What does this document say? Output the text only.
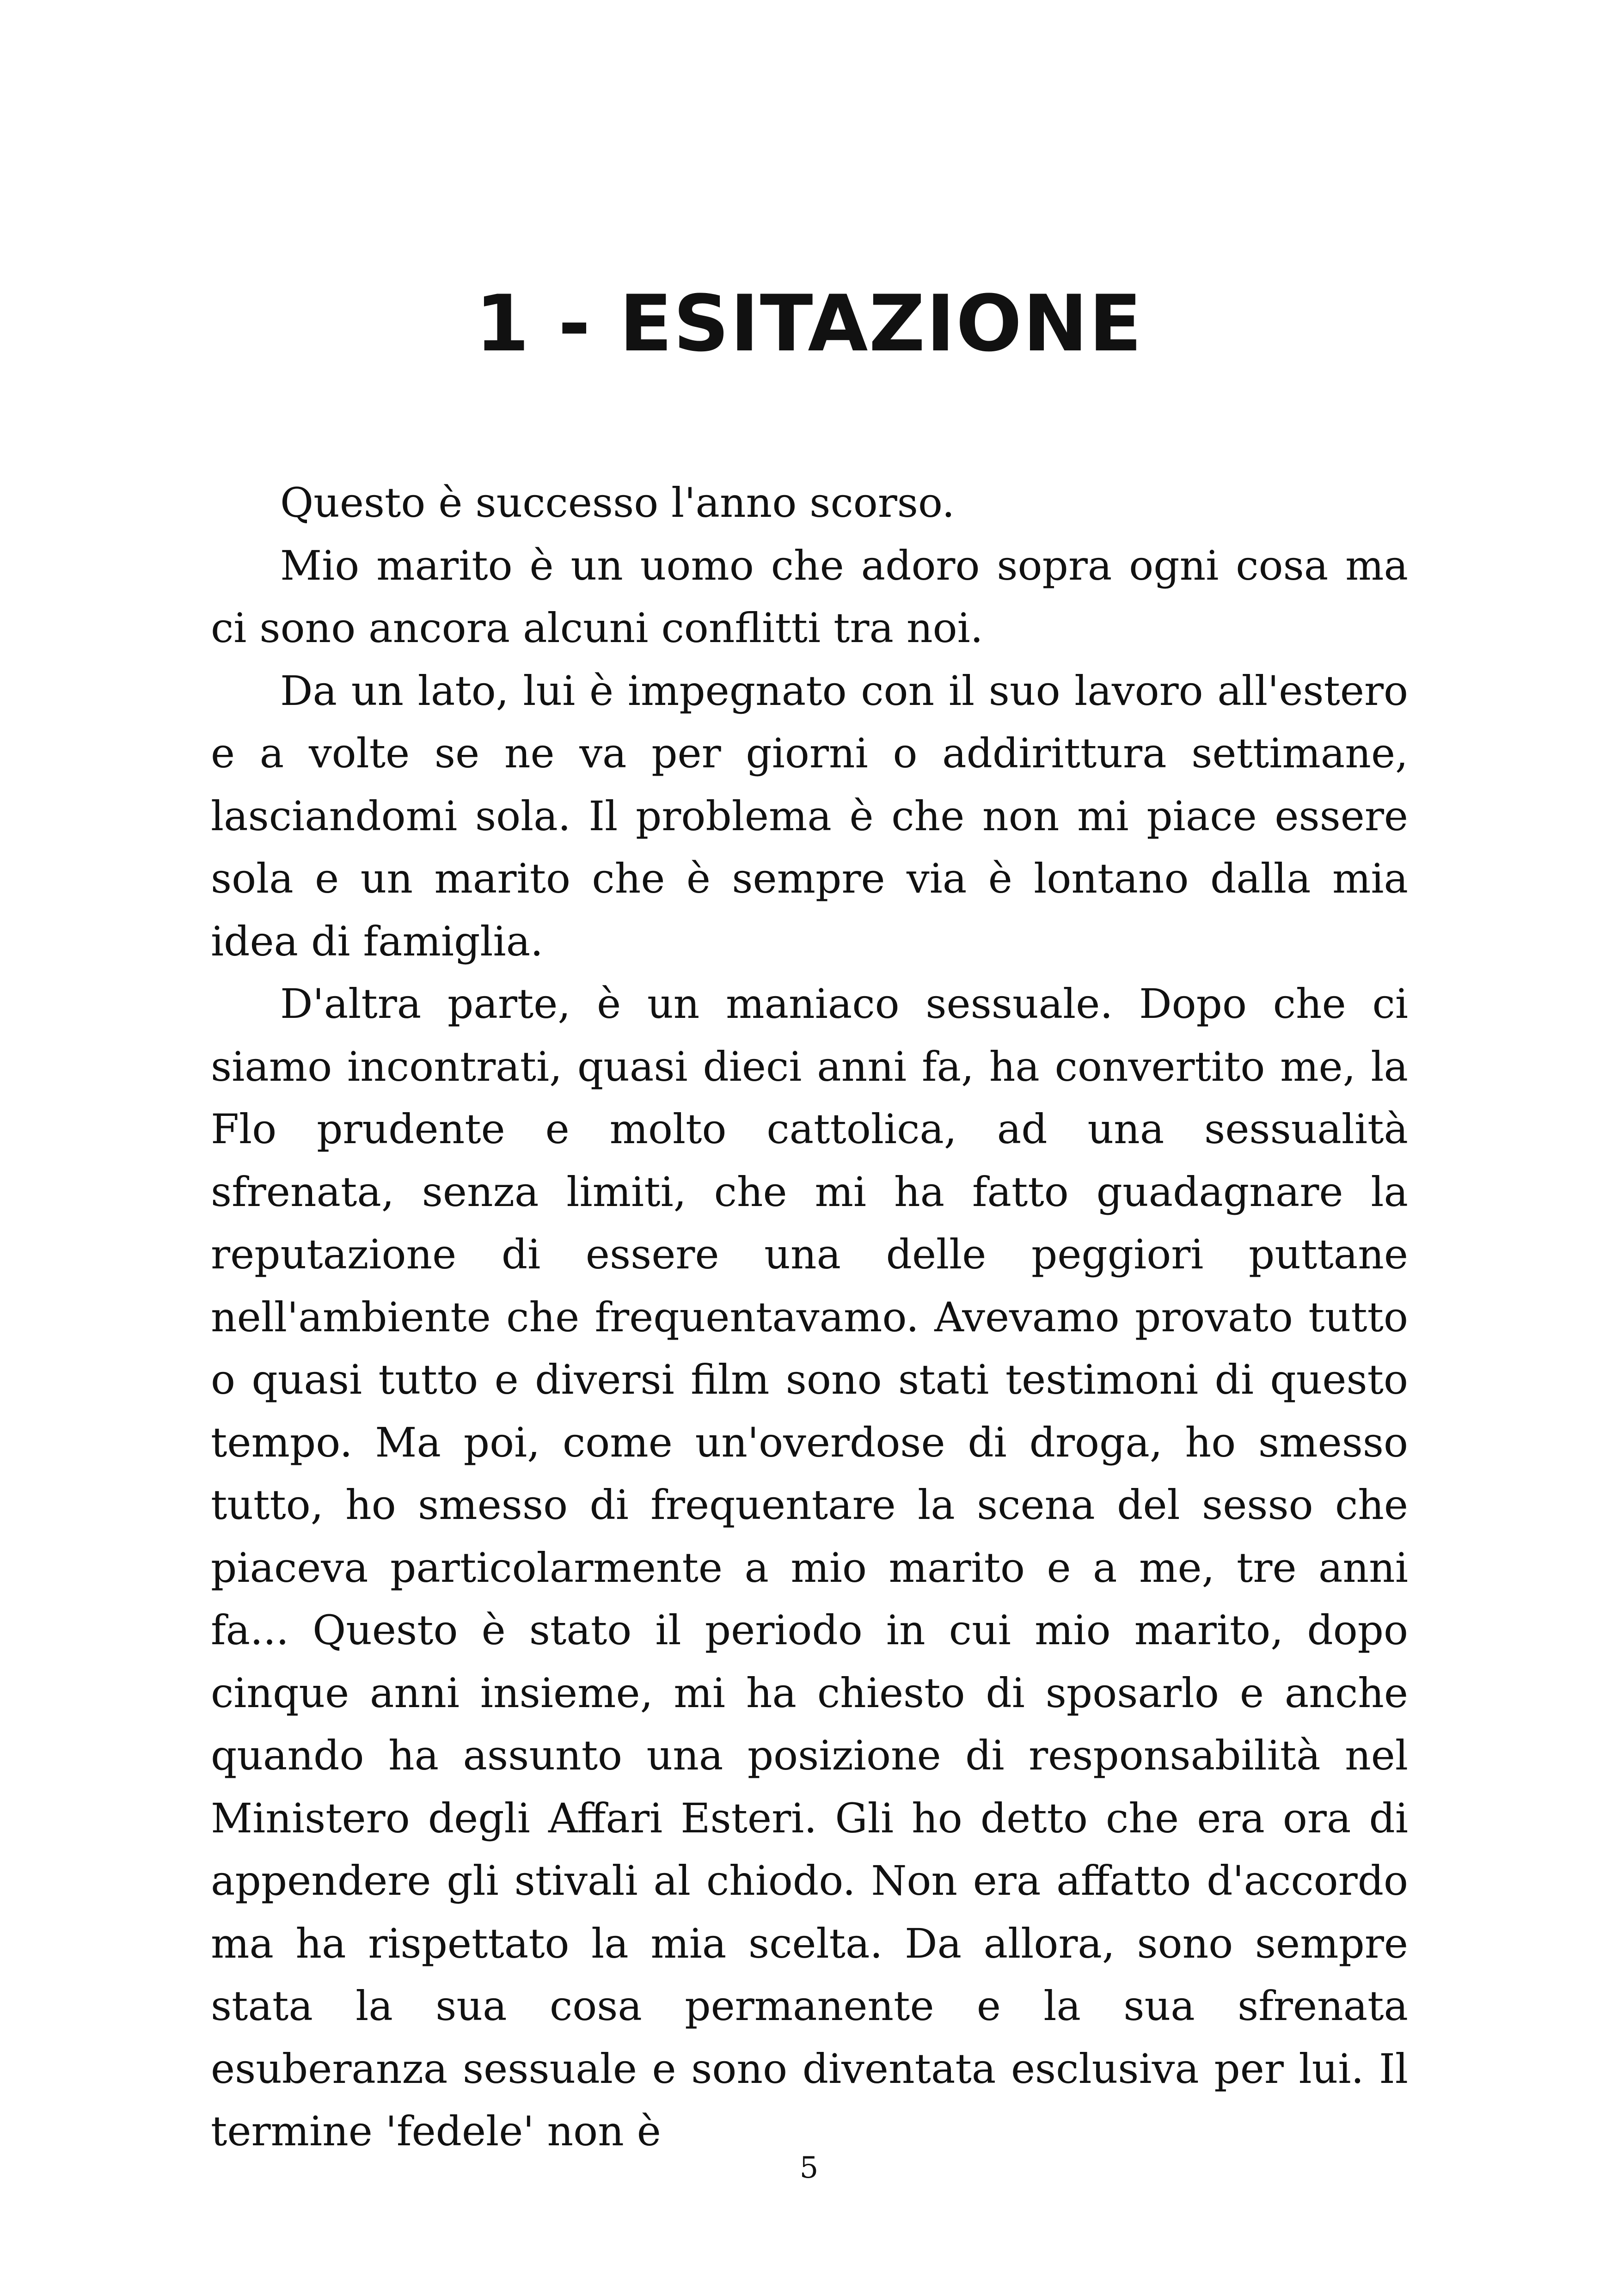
1 - ESITAZIONE

Questo è successo l'anno scorso.

Mio marito è un uomo che adoro sopra ogni cosa ma ci sono ancora alcuni conflitti tra noi.

Da un lato, lui è impegnato con il suo lavoro all'estero e a volte se ne va per giorni o addirittura settimane, lasciandomi sola. Il problema è che non mi piace essere sola e un marito che è sempre via è lontano dalla mia idea di famiglia.

D'altra parte, è un maniaco sessuale. Dopo che ci siamo incontrati, quasi dieci anni fa, ha convertito me, la Flo prudente e molto cattolica, ad una sessualità sfrenata, senza limiti, che mi ha fatto guadagnare la reputazione di essere una delle peggiori puttane nell'ambiente che frequentavamo. Avevamo provato tutto o quasi tutto e diversi film sono stati testimoni di questo tempo. Ma poi, come un'overdose di droga, ho smesso tutto, ho smesso di frequentare la scena del sesso che piaceva particolarmente a mio marito e a me, tre anni fa... Questo è stato il periodo in cui mio marito, dopo cinque anni insieme, mi ha chiesto di sposarlo e anche quando ha assunto una posizione di responsabilità nel Ministero degli Affari Esteri. Gli ho detto che era ora di appendere gli stivali al chiodo. Non era affatto d'accordo ma ha rispettato la mia scelta. Da allora, sono sempre stata la sua cosa permanente e la sua sfrenata esuberanza sessuale e sono diventata esclusiva per lui. Il termine 'fedele' non è

5
